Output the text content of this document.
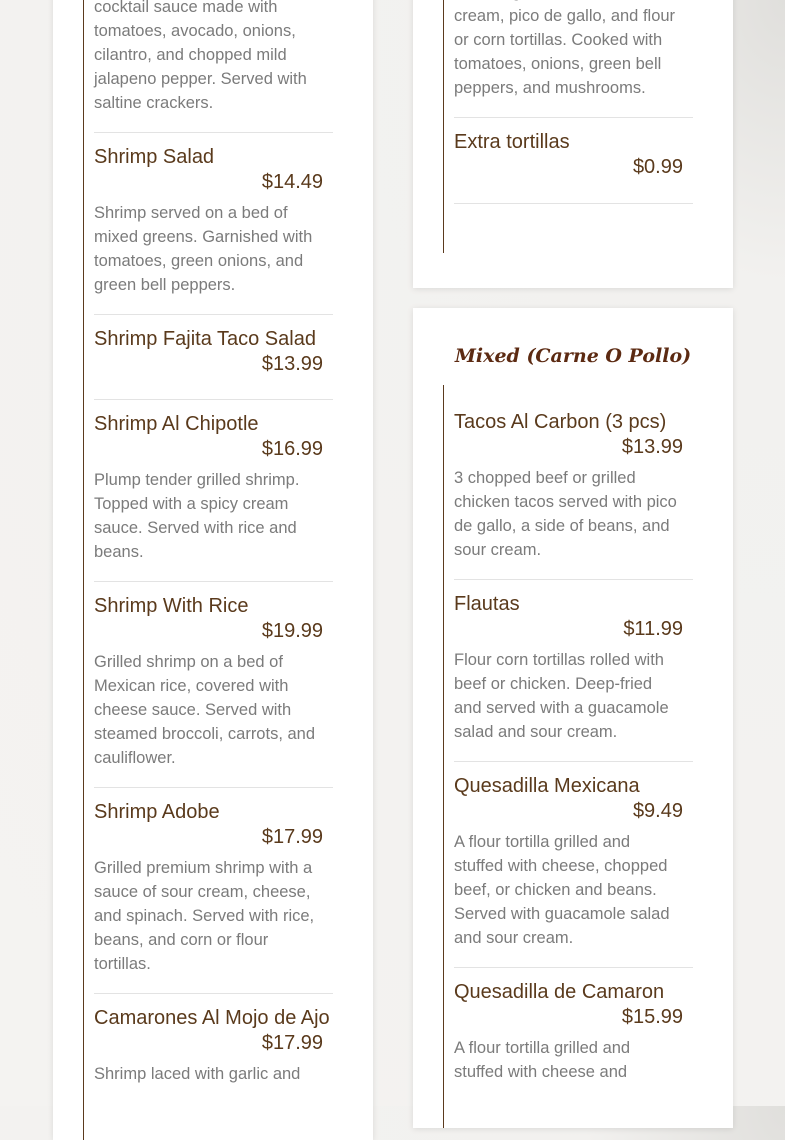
cocktail sauce made with tomatoes, avocado, onions, cilantro, and chopped mild jalapeno pepper. Served with saltine crackers.
Shrimp Salad
$14.49
Shrimp served on a bed of mixed greens. Garnished with tomatoes, green onions, and green bell peppers.
Shrimp Fajita Taco Salad
$13.99
Shrimp Al Chipotle
$16.99
Plump tender grilled shrimp. Topped with a spicy cream sauce. Served with rice and beans.
Shrimp With Rice
$19.99
Grilled shrimp on a bed of Mexican rice, covered with cheese sauce. Served with steamed broccoli, carrots, and cauliflower.
Shrimp Adobe
$17.99
Grilled premium shrimp with a sauce of sour cream, cheese, and spinach. Served with rice, beans, and corn or flour tortillas.
Camarones Al Mojo de Ajo
$17.99
Shrimp laced with garlic and
cream, pico de gallo, and flour or corn tortillas. Cooked with tomatoes, onions, green bell peppers, and mushrooms.
Extra tortillas
$0.99
Mixed (Carne O Pollo)
Tacos Al Carbon (3 pcs)
$13.99
3 chopped beef or grilled chicken tacos served with pico de gallo, a side of beans, and sour cream.
Flautas
$11.99
Flour corn tortillas rolled with beef or chicken. Deep-fried and served with a guacamole salad and sour cream.
Quesadilla Mexicana
$9.49
A flour tortilla grilled and stuffed with cheese, chopped beef, or chicken and beans. Served with guacamole salad and sour cream.
Quesadilla de Camaron
$15.99
A flour tortilla grilled and stuffed with cheese and
